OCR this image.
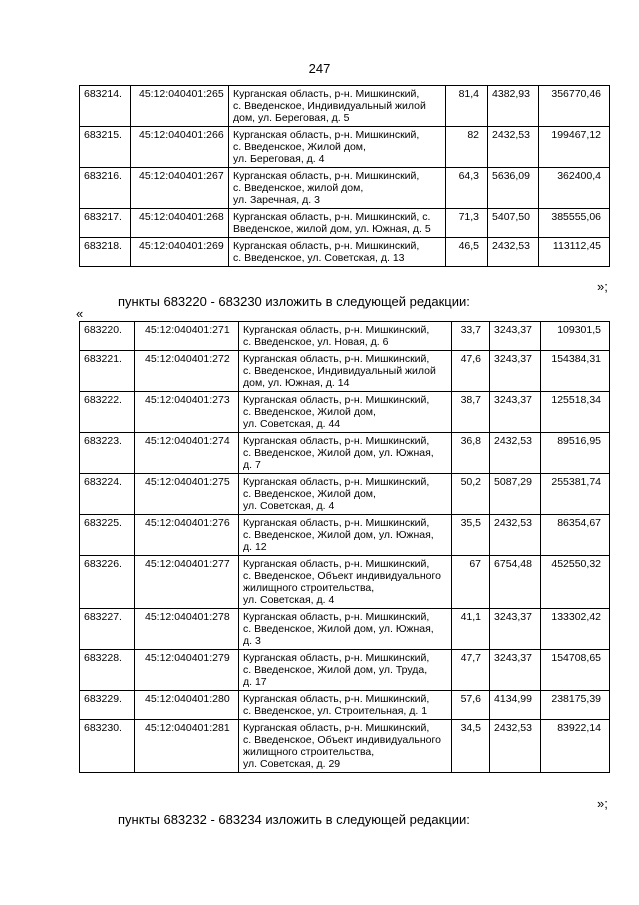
247
683214.	45:12:040401:265	Курганская область, р-н. Мишкинский,
с. Введенское, Индивидуальный жилой
дом, ул. Береговая, д. 5	81,4	4382,93	356770,46
683215.	45:12:040401:266	Курганская область, р-н. Мишкинский,
с. Введенское, Жилой дом,
ул. Береговая, д. 4	82	2432,53	199467,12
683216.	45:12:040401:267	Курганская область, р-н. Мишкинский,
с. Введенское, жилой дом,
ул. Заречная, д. 3	64,3	5636,09	362400,4
683217.	45:12:040401:268	Курганская область, р-н. Мишкинский, с.
Введенское, жилой дом, ул. Южная, д. 5	71,3	5407,50	385555,06
683218.	45:12:040401:269	Курганская область, р-н. Мишкинский,
с. Введенское, ул. Советская, д. 13	46,5	2432,53	113112,45
»;
пункты 683220 - 683230 изложить в следующей редакции:
«
683220.	45:12:040401:271	Курганская область, р-н. Мишкинский,
с. Введенское, ул. Новая, д. 6	33,7	3243,37	109301,5
683221.	45:12:040401:272	Курганская область, р-н. Мишкинский,
с. Введенское, Индивидуальный жилой
дом, ул. Южная, д. 14	47,6	3243,37	154384,31
683222.	45:12:040401:273	Курганская область, р-н. Мишкинский,
с. Введенское, Жилой дом,
ул. Советская, д. 44	38,7	3243,37	125518,34
683223.	45:12:040401:274	Курганская область, р-н. Мишкинский,
с. Введенское, Жилой дом, ул. Южная,
д. 7	36,8	2432,53	89516,95
683224.	45:12:040401:275	Курганская область, р-н. Мишкинский,
с. Введенское, Жилой дом,
ул. Советская, д. 4	50,2	5087,29	255381,74
683225.	45:12:040401:276	Курганская область, р-н. Мишкинский,
с. Введенское, Жилой дом, ул. Южная,
д. 12	35,5	2432,53	86354,67
683226.	45:12:040401:277	Курганская область, р-н. Мишкинский,
с. Введенское, Объект индивидуального
жилищного строительства,
ул. Советская, д. 4	67	6754,48	452550,32
683227.	45:12:040401:278	Курганская область, р-н. Мишкинский,
с. Введенское, Жилой дом, ул. Южная,
д. 3	41,1	3243,37	133302,42
683228.	45:12:040401:279	Курганская область, р-н. Мишкинский,
с. Введенское, Жилой дом, ул. Труда,
д. 17	47,7	3243,37	154708,65
683229.	45:12:040401:280	Курганская область, р-н. Мишкинский,
с. Введенское, ул. Строительная, д. 1	57,6	4134,99	238175,39
683230.	45:12:040401:281	Курганская область, р-н. Мишкинский,
с. Введенское, Объект индивидуального
жилищного строительства,
ул. Советская, д. 29	34,5	2432,53	83922,14
»;
пункты 683232 - 683234 изложить в следующей редакции:
